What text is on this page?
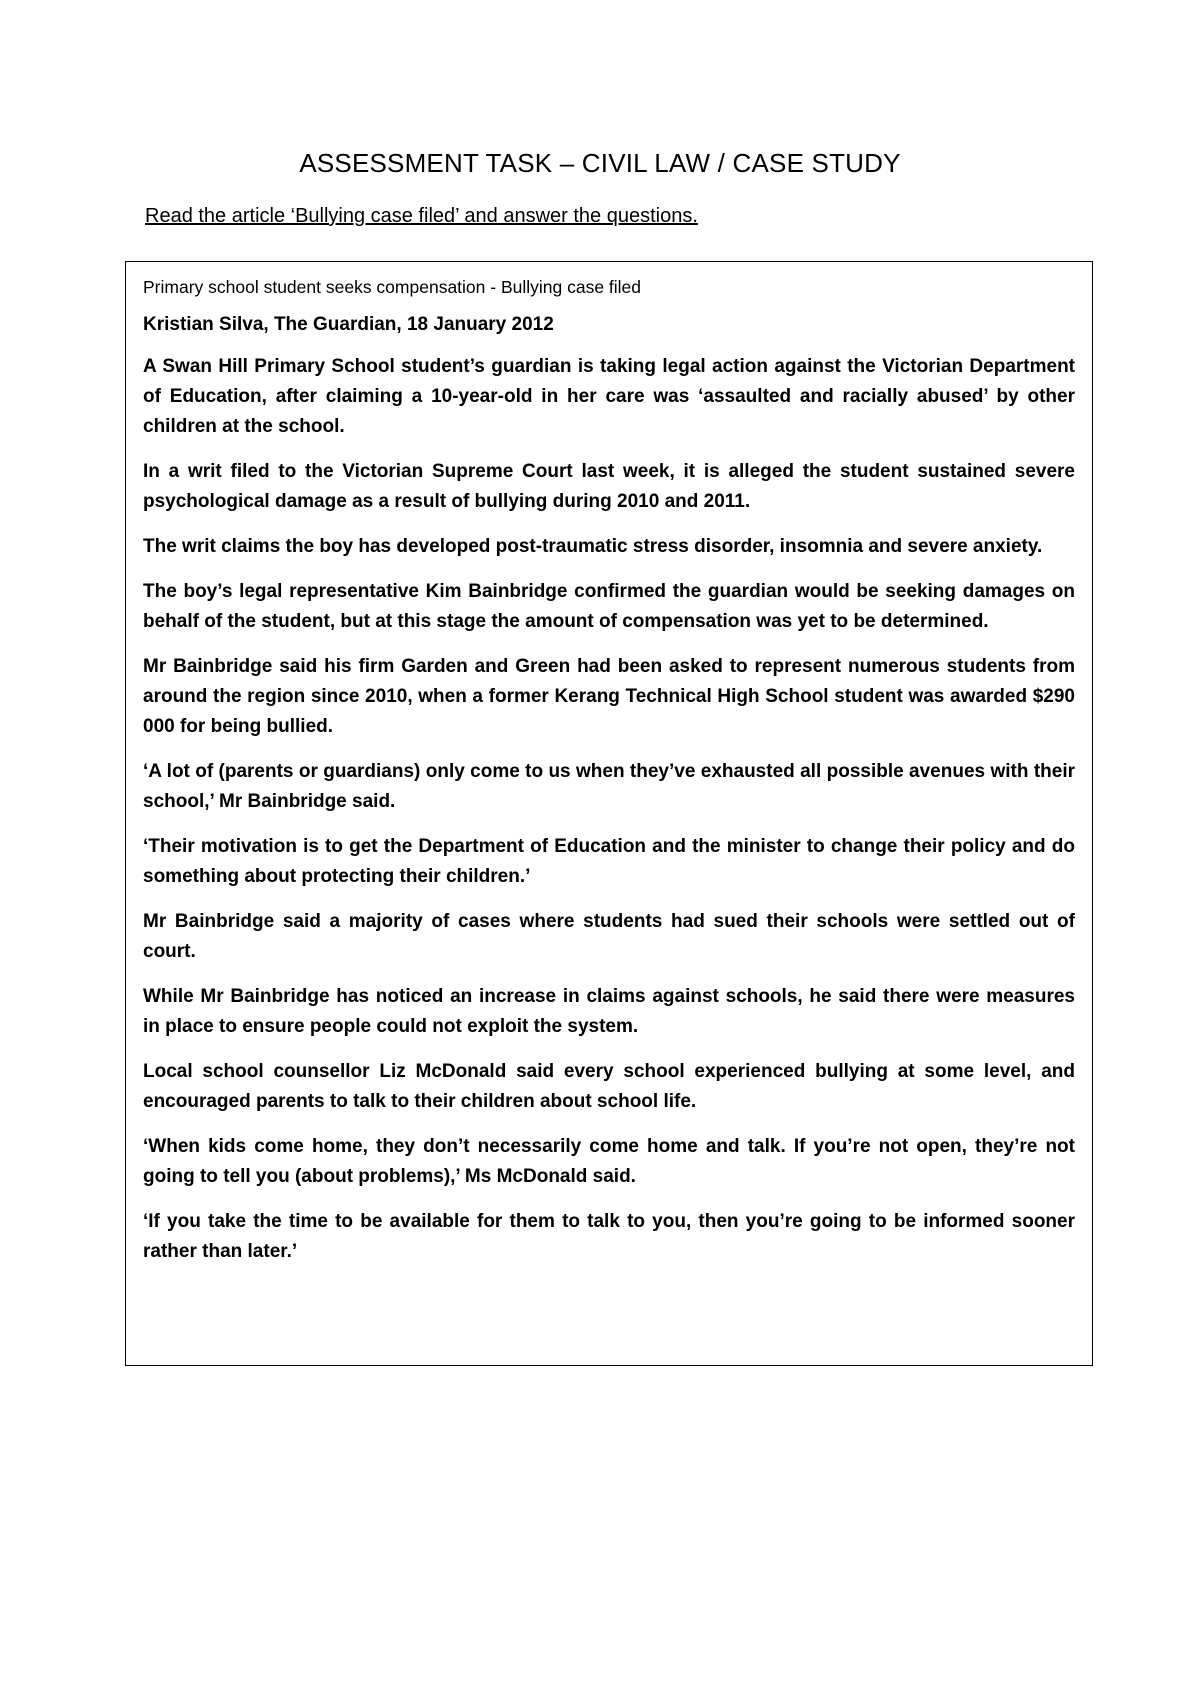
ASSESSMENT TASK – CIVIL LAW / CASE STUDY

Read the article ‘Bullying case filed’ and answer the questions.

Primary school student seeks compensation - Bullying case filed

Kristian Silva, The Guardian, 18 January 2012

A Swan Hill Primary School student’s guardian is taking legal action against the Victorian Department of Education, after claiming a 10-year-old in her care was ‘assaulted and racially abused’ by other children at the school.

In a writ filed to the Victorian Supreme Court last week, it is alleged the student sustained severe psychological damage as a result of bullying during 2010 and 2011.

The writ claims the boy has developed post-traumatic stress disorder, insomnia and severe anxiety.

The boy’s legal representative Kim Bainbridge confirmed the guardian would be seeking damages on behalf of the student, but at this stage the amount of compensation was yet to be determined.

Mr Bainbridge said his firm Garden and Green had been asked to represent numerous students from around the region since 2010, when a former Kerang Technical High School student was awarded $290 000 for being bullied.

‘A lot of (parents or guardians) only come to us when they’ve exhausted all possible avenues with their school,’ Mr Bainbridge said.

‘Their motivation is to get the Department of Education and the minister to change their policy and do something about protecting their children.’

Mr Bainbridge said a majority of cases where students had sued their schools were settled out of court.

While Mr Bainbridge has noticed an increase in claims against schools, he said there were measures in place to ensure people could not exploit the system.

Local school counsellor Liz McDonald said every school experienced bullying at some level, and encouraged parents to talk to their children about school life.

‘When kids come home, they don’t necessarily come home and talk. If you’re not open, they’re not going to tell you (about problems),’ Ms McDonald said.

‘If you take the time to be available for them to talk to you, then you’re going to be informed sooner rather than later.’
